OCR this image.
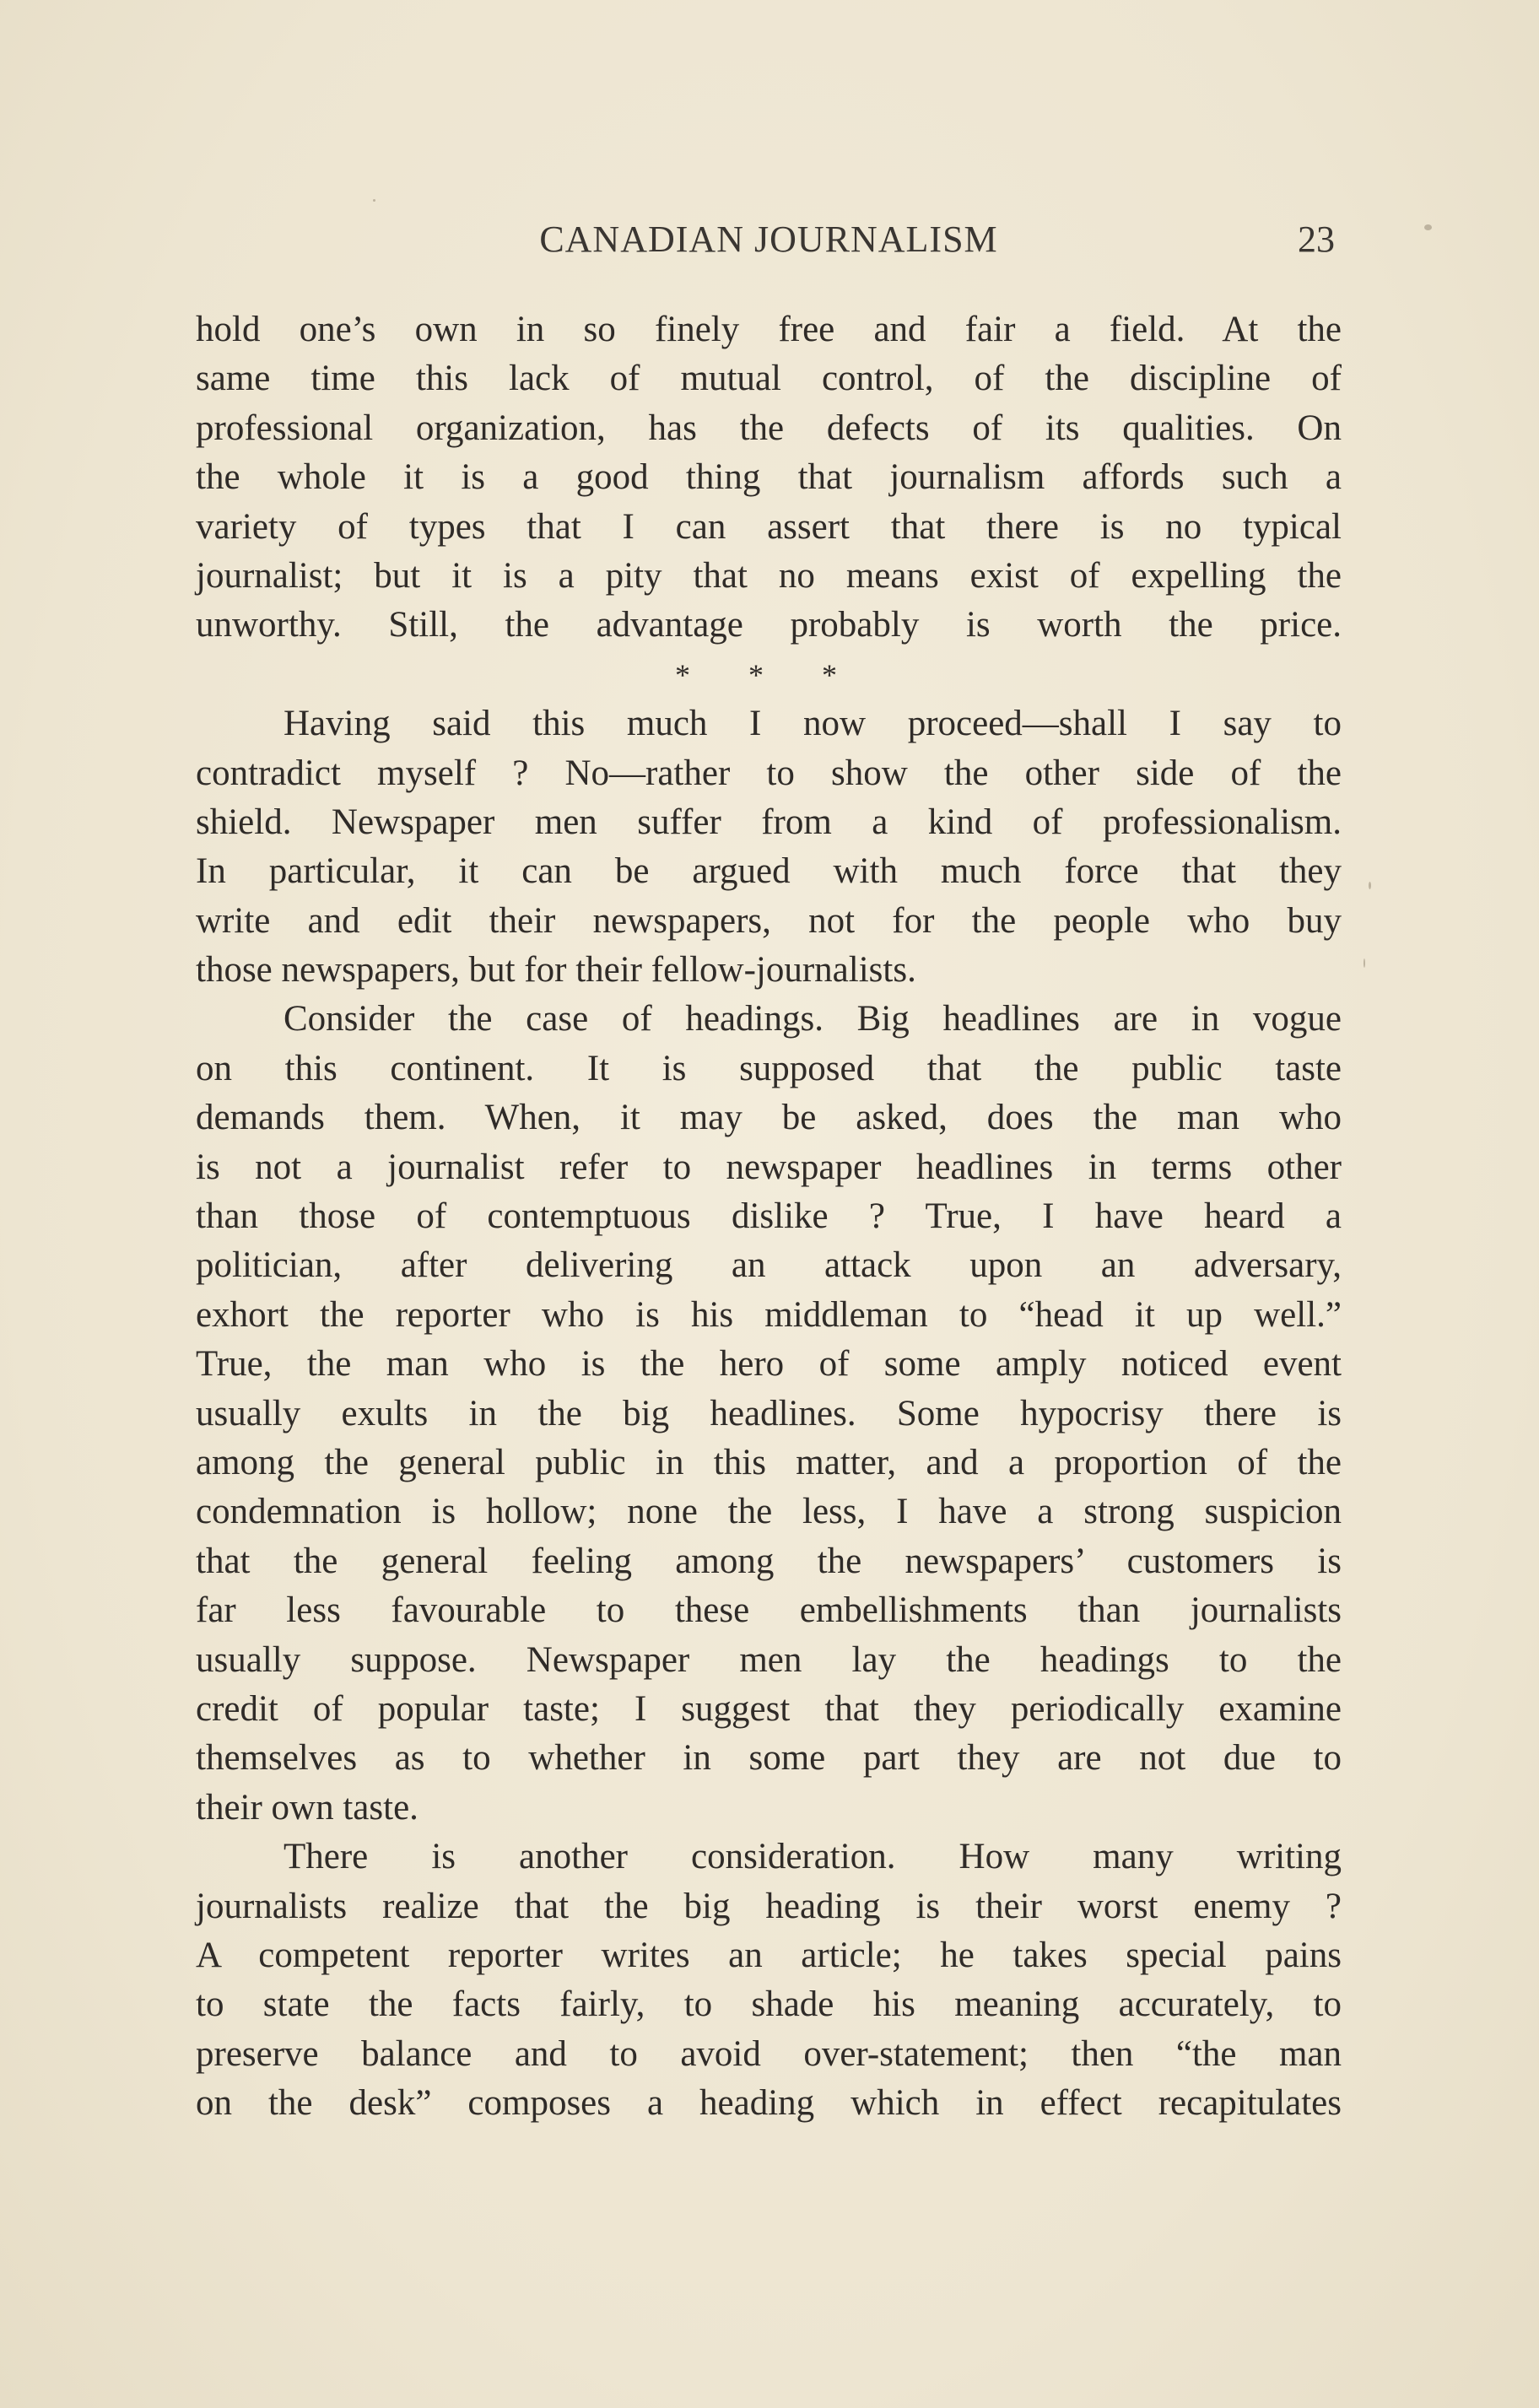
CANADIAN JOURNALISM	23
hold one’s own in so finely free and fair a field. At the
same time this lack of mutual control, of the discipline of
professional organization, has the defects of its qualities. On
the whole it is a good thing that journalism affords such a
variety of types that I can assert that there is no typical
journalist; but it is a pity that no means exist of expelling the
unworthy. Still, the advantage probably is worth the price.
* * *
Having said this much I now proceed—shall I say to
contradict myself ? No—rather to show the other side of the
shield. Newspaper men suffer from a kind of professionalism.
In particular, it can be argued with much force that they
write and edit their newspapers, not for the people who buy
those newspapers, but for their fellow-journalists.
Consider the case of headings. Big headlines are in vogue
on this continent. It is supposed that the public taste
demands them. When, it may be asked, does the man who
is not a journalist refer to newspaper headlines in terms other
than those of contemptuous dislike ? True, I have heard a
politician, after delivering an attack upon an adversary,
exhort the reporter who is his middleman to “head it up well.”
True, the man who is the hero of some amply noticed event
usually exults in the big headlines. Some hypocrisy there is
among the general public in this matter, and a proportion of the
condemnation is hollow; none the less, I have a strong suspicion
that the general feeling among the newspapers’ customers is
far less favourable to these embellishments than journalists
usually suppose. Newspaper men lay the headings to the
credit of popular taste; I suggest that they periodically examine
themselves as to whether in some part they are not due to
their own taste.
There is another consideration. How many writing
journalists realize that the big heading is their worst enemy ?
A competent reporter writes an article; he takes special pains
to state the facts fairly, to shade his meaning accurately, to
preserve balance and to avoid over-statement; then “the man
on the desk” composes a heading which in effect recapitulates
